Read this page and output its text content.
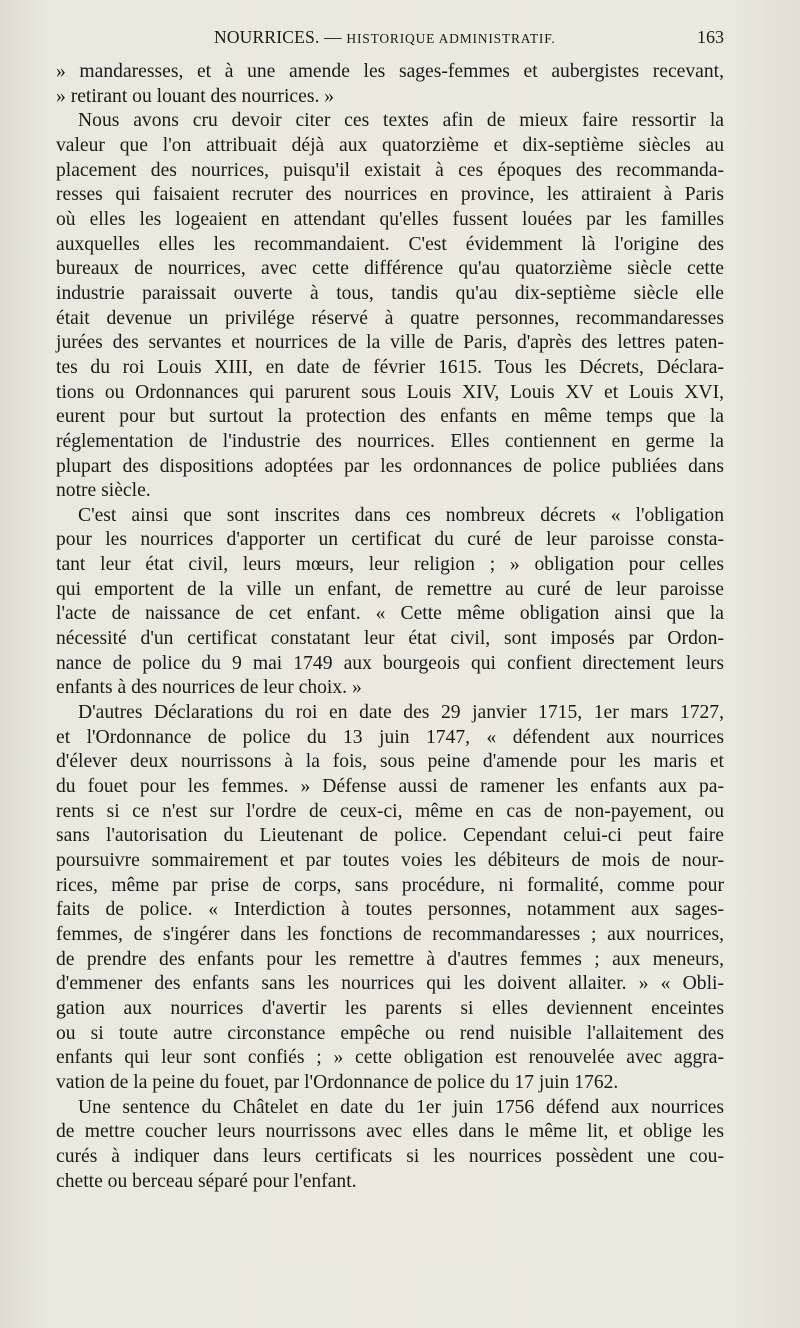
NOURRICES. — HISTORIQUE ADMINISTRATIF.	163
» mandaresses, et à une amende les sages-femmes et aubergistes recevant,
» retirant ou louant des nourrices. »
Nous avons cru devoir citer ces textes afin de mieux faire ressortir la
valeur que l'on attribuait déjà aux quatorzième et dix-septième siècles au
placement des nourrices, puisqu'il existait à ces époques des recommanda-
resses qui faisaient recruter des nourrices en province, les attiraient à Paris
où elles les logeaient en attendant qu'elles fussent louées par les familles
auxquelles elles les recommandaient. C'est évidemment là l'origine des
bureaux de nourrices, avec cette différence qu'au quatorzième siècle cette
industrie paraissait ouverte à tous, tandis qu'au dix-septième siècle elle
était devenue un privilége réservé à quatre personnes, recommandaresses
jurées des servantes et nourrices de la ville de Paris, d'après des lettres paten-
tes du roi Louis XIII, en date de février 1615. Tous les Décrets, Déclara-
tions ou Ordonnances qui parurent sous Louis XIV, Louis XV et Louis XVI,
eurent pour but surtout la protection des enfants en même temps que la
réglementation de l'industrie des nourrices. Elles contiennent en germe la
plupart des dispositions adoptées par les ordonnances de police publiées dans
notre siècle.
C'est ainsi que sont inscrites dans ces nombreux décrets « l'obligation
pour les nourrices d'apporter un certificat du curé de leur paroisse consta-
tant leur état civil, leurs mœurs, leur religion ; » obligation pour celles
qui emportent de la ville un enfant, de remettre au curé de leur paroisse
l'acte de naissance de cet enfant. « Cette même obligation ainsi que la
nécessité d'un certificat constatant leur état civil, sont imposés par Ordon-
nance de police du 9 mai 1749 aux bourgeois qui confient directement leurs
enfants à des nourrices de leur choix. »
D'autres Déclarations du roi en date des 29 janvier 1715, 1er mars 1727,
et l'Ordonnance de police du 13 juin 1747, « défendent aux nourrices
d'élever deux nourrissons à la fois, sous peine d'amende pour les maris et
du fouet pour les femmes. » Défense aussi de ramener les enfants aux pa-
rents si ce n'est sur l'ordre de ceux-ci, même en cas de non-payement, ou
sans l'autorisation du Lieutenant de police. Cependant celui-ci peut faire
poursuivre sommairement et par toutes voies les débiteurs de mois de nour-
rices, même par prise de corps, sans procédure, ni formalité, comme pour
faits de police. « Interdiction à toutes personnes, notamment aux sages-
femmes, de s'ingérer dans les fonctions de recommandaresses ; aux nourrices,
de prendre des enfants pour les remettre à d'autres femmes ; aux meneurs,
d'emmener des enfants sans les nourrices qui les doivent allaiter. » « Obli-
gation aux nourrices d'avertir les parents si elles deviennent enceintes
ou si toute autre circonstance empêche ou rend nuisible l'allaitement des
enfants qui leur sont confiés ; » cette obligation est renouvelée avec aggra-
vation de la peine du fouet, par l'Ordonnance de police du 17 juin 1762.
Une sentence du Châtelet en date du 1er juin 1756 défend aux nourrices
de mettre coucher leurs nourrissons avec elles dans le même lit, et oblige les
curés à indiquer dans leurs certificats si les nourrices possèdent une cou-
chette ou berceau séparé pour l'enfant.
